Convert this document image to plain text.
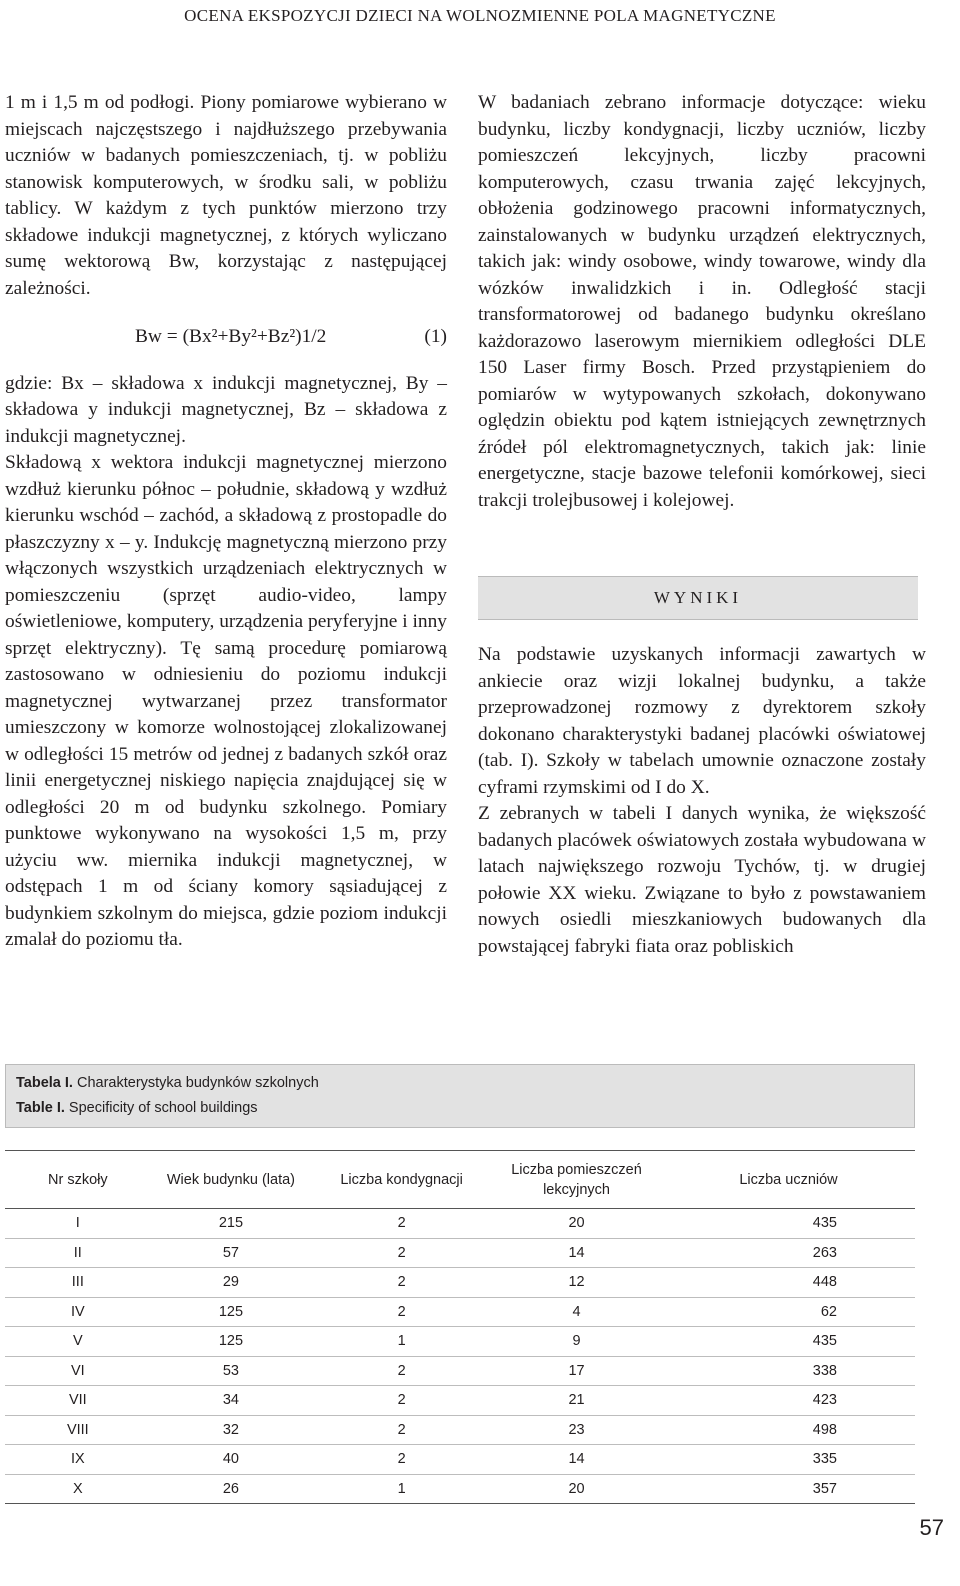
OCENA EKSPOZYCJI DZIECI NA WOLNOZMIENNE POLA MAGNETYCZNE

1 m i 1,5 m od podłogi. Piony pomiarowe wybierano w miejscach najczęstszego i najdłuższego przebywania uczniów w badanych pomieszczeniach, tj. w pobliżu stanowisk komputerowych, w środku sali, w pobliżu tablicy. W każdym z tych punktów mierzono trzy składowe indukcji magnetycznej, z których wyliczano sumę wektorową Bw, korzystając z następującej zależności.

Bw = (Bx²+By²+Bz²)1/2	(1)

gdzie: Bx – składowa x indukcji magnetycznej, By – składowa y indukcji magnetycznej, Bz – składowa z indukcji magnetycznej.

Składową x wektora indukcji magnetycznej mierzono wzdłuż kierunku północ – południe, składową y wzdłuż kierunku wschód – zachód, a składową z prostopadle do płaszczyzny x – y. Indukcję magnetyczną mierzono przy włączonych wszystkich urządzeniach elektrycznych w pomieszczeniu (sprzęt audio-video, lampy oświetleniowe, komputery, urządzenia peryferyjne i inny sprzęt elektryczny). Tę samą procedurę pomiarową zastosowano w odniesieniu do poziomu indukcji magnetycznej wytwarzanej przez transformator umieszczony w komorze wolnostojącej zlokalizowanej w odległości 15 metrów od jednej z badanych szkół oraz linii energetycznej niskiego napięcia znajdującej się w odległości 20 m od budynku szkolnego. Pomiary punktowe wykonywano na wysokości 1,5 m, przy użyciu ww. miernika indukcji magnetycznej, w odstępach 1 m od ściany komory sąsiadującej z budynkiem szkolnym do miejsca, gdzie poziom indukcji zmalał do poziomu tła.

W badaniach zebrano informacje dotyczące: wieku budynku, liczby kondygnacji, liczby uczniów, liczby pomieszczeń lekcyjnych, liczby pracowni komputerowych, czasu trwania zajęć lekcyjnych, obłożenia godzinowego pracowni informatycznych, zainstalowanych w budynku urządzeń elektrycznych, takich jak: windy osobowe, windy towarowe, windy dla wózków inwalidzkich i in. Odległość stacji transformatorowej od badanego budynku określano każdorazowo laserowym miernikiem odległości DLE 150 Laser firmy Bosch. Przed przystąpieniem do pomiarów w wytypowanych szkołach, dokonywano oględzin obiektu pod kątem istniejących zewnętrznych źródeł pól elektromagnetycznych, takich jak: linie energetyczne, stacje bazowe telefonii komórkowej, sieci trakcji trolejbusowej i kolejowej.

WYNIKI

Na podstawie uzyskanych informacji zawartych w ankiecie oraz wizji lokalnej budynku, a także przeprowadzonej rozmowy z dyrektorem szkoły dokonano charakterystyki badanej placówki oświatowej (tab. I). Szkoły w tabelach umownie oznaczone zostały cyframi rzymskimi od I do X.

Z zebranych w tabeli I danych wynika, że większość badanych placówek oświatowych została wybudowana w latach największego rozwoju Tychów, tj. w drugiej połowie XX wieku. Związane to było z powstawaniem nowych osiedli mieszkaniowych budowanych dla powstającej fabryki fiata oraz pobliskich

Tabela I. Charakterystyka budynków szkolnych
Table I. Specificity of school buildings
Nr szkoły	Wiek budynku (lata)	Liczba kondygnacji	Liczba pomieszczeń lekcyjnych	Liczba uczniów
I	215	2	20	435
II	57	2	14	263
III	29	2	12	448
IV	125	2	4	62
V	125	1	9	435
VI	53	2	17	338
VII	34	2	21	423
VIII	32	2	23	498
IX	40	2	14	335
X	26	1	20	357
57
